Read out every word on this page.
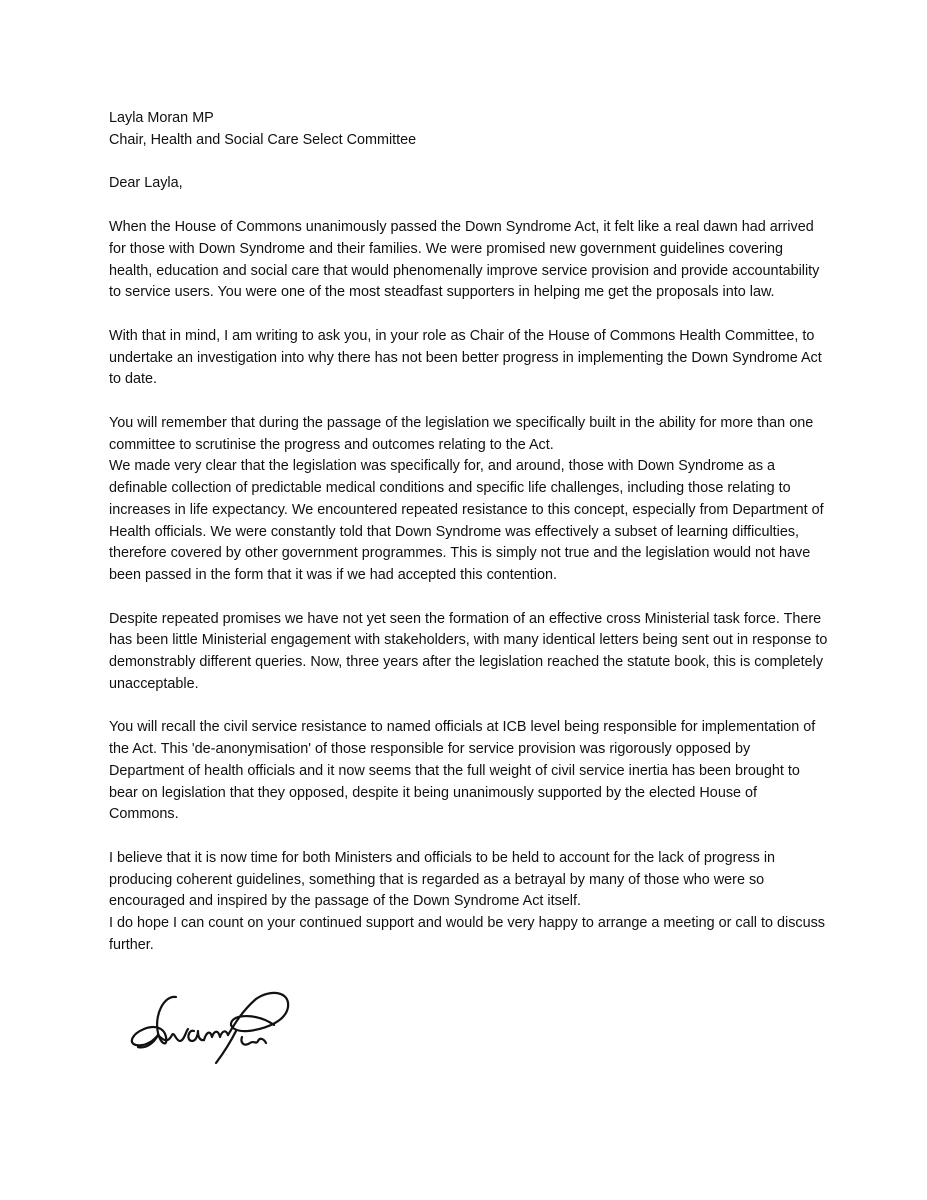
Layla Moran MP
Chair, Health and Social Care Select Committee

Dear Layla,

When the House of Commons unanimously passed the Down Syndrome Act, it felt like a real dawn had arrived for those with Down Syndrome and their families. We were promised new government guidelines covering health, education and social care that would phenomenally improve service provision and provide accountability to service users. You were one of the most steadfast supporters in helping me get the proposals into law.

With that in mind, I am writing to ask you, in your role as Chair of the House of Commons Health Committee, to undertake an investigation into why there has not been better progress in implementing the Down Syndrome Act to date.

You will remember that during the passage of the legislation we specifically built in the ability for more than one committee to scrutinise the progress and outcomes relating to the Act.

We made very clear that the legislation was specifically for, and around, those with Down Syndrome as a definable collection of predictable medical conditions and specific life challenges, including those relating to increases in life expectancy. We encountered repeated resistance to this concept, especially from Department of Health officials. We were constantly told that Down Syndrome was effectively a subset of learning difficulties, therefore covered by other government programmes. This is simply not true and the legislation would not have been passed in the form that it was if we had accepted this contention.

Despite repeated promises we have not yet seen the formation of an effective cross Ministerial task force. There has been little Ministerial engagement with stakeholders, with many identical letters being sent out in response to demonstrably different queries. Now, three years after the legislation reached the statute book, this is completely unacceptable.

You will recall the civil service resistance to named officials at ICB level being responsible for implementation of the Act. This 'de-anonymisation' of those responsible for service provision was rigorously opposed by Department of health officials and it now seems that the full weight of civil service inertia has been brought to bear on legislation that they opposed, despite it being unanimously supported by the elected House of Commons.

I believe that it is now time for both Ministers and officials to be held to account for the lack of progress in producing coherent guidelines, something that is regarded as a betrayal by many of those who were so encouraged and inspired by the passage of the Down Syndrome Act itself.

I do hope I can count on your continued support and would be very happy to arrange a meeting or call to discuss further.
